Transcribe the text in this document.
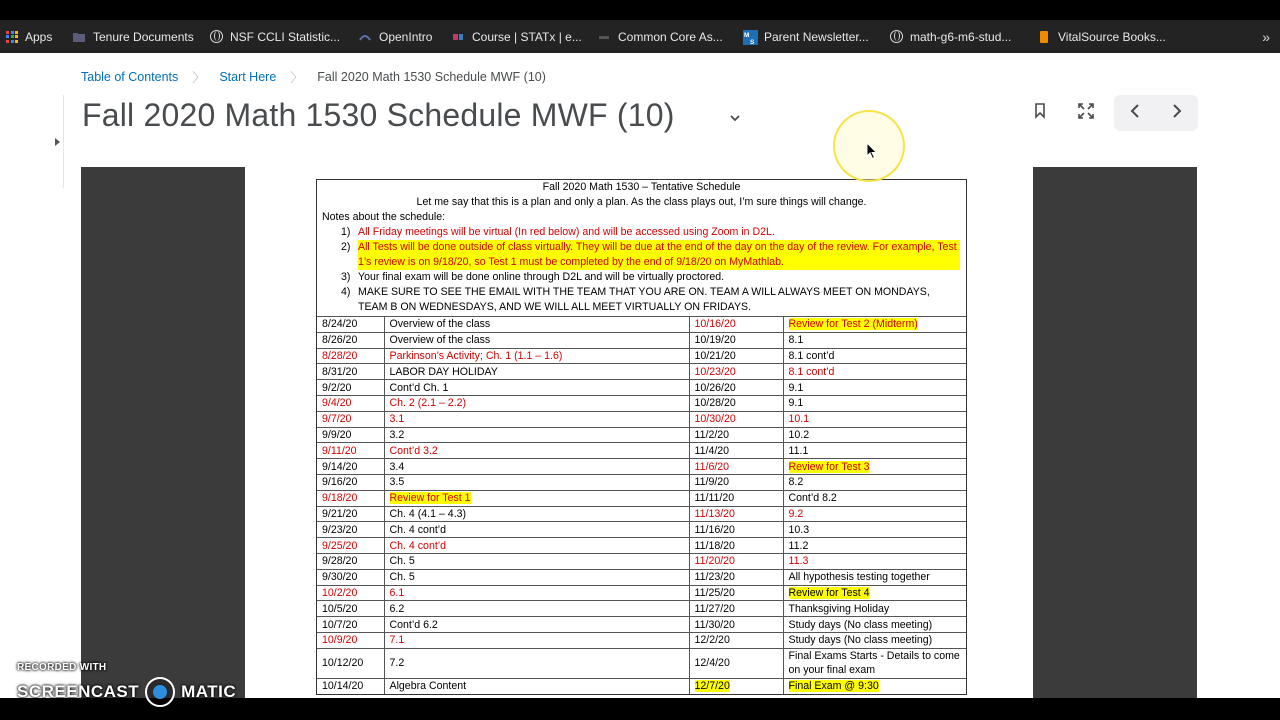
Apps	Tenure Documents	NSF CCLI Statistic...	OpenIntro	Course | STATx | e...	Common Core As...	M
S Parent Newsletter...	math-g6-m6-stud...	VitalSource Books...	»
Table of Contents 〉 Start Here 〉 Fall 2020 Math 1530 Schedule MWF (10)
Fall 2020 Math 1530 Schedule MWF (10)
Fall 2020 Math 1530 – Tentative Schedule
Let me say that this is a plan and only a plan. As the class plays out, I’m sure things will change.
Notes about the schedule:
1) All Friday meetings will be virtual (In red below) and will be accessed using Zoom in D2L.
2) All Tests will be done outside of class virtually. They will be due at the end of the day on the day of the review. For example, Test 1’s review is on 9/18/20, so Test 1 must be completed by the end of 9/18/20 on MyMathlab.
3) Your final exam will be done online through D2L and will be virtually proctored.
4) MAKE SURE TO SEE THE EMAIL WITH THE TEAM THAT YOU ARE ON. TEAM A WILL ALWAYS MEET ON MONDAYS, TEAM B ON WEDNESDAYS, AND WE WILL ALL MEET VIRTUALLY ON FRIDAYS.
8/24/20	Overview of the class	10/16/20	Review for Test 2 (Midterm)
8/26/20	Overview of the class	10/19/20	8.1
8/28/20	Parkinson’s Activity; Ch. 1 (1.1 – 1.6)	10/21/20	8.1 cont’d
8/31/20	LABOR DAY HOLIDAY	10/23/20	8.1 cont’d
9/2/20	Cont’d Ch. 1	10/26/20	9.1
9/4/20	Ch. 2 (2.1 – 2.2)	10/28/20	9.1
9/7/20	3.1	10/30/20	10.1
9/9/20	3.2	11/2/20	10.2
9/11/20	Cont’d 3.2	11/4/20	11.1
9/14/20	3.4	11/6/20	Review for Test 3
9/16/20	3.5	11/9/20	8.2
9/18/20	Review for Test 1	11/11/20	Cont’d 8.2
9/21/20	Ch. 4 (4.1 – 4.3)	11/13/20	9.2
9/23/20	Ch. 4 cont’d	11/16/20	10.3
9/25/20	Ch. 4 cont’d	11/18/20	11.2
9/28/20	Ch. 5	11/20/20	11.3
9/30/20	Ch. 5	11/23/20	All hypothesis testing together
10/2/20	6.1	11/25/20	Review for Test 4
10/5/20	6.2	11/27/20	Thanksgiving Holiday
10/7/20	Cont’d 6.2	11/30/20	Study days (No class meeting)
10/9/20	7.1	12/2/20	Study days (No class meeting)
10/12/20	7.2	12/4/20	Final Exams Starts - Details to come on your final exam
10/14/20	Algebra Content	12/7/20	Final Exam @ 9:30
RECORDED WITH
SCREENCAST MATIC
